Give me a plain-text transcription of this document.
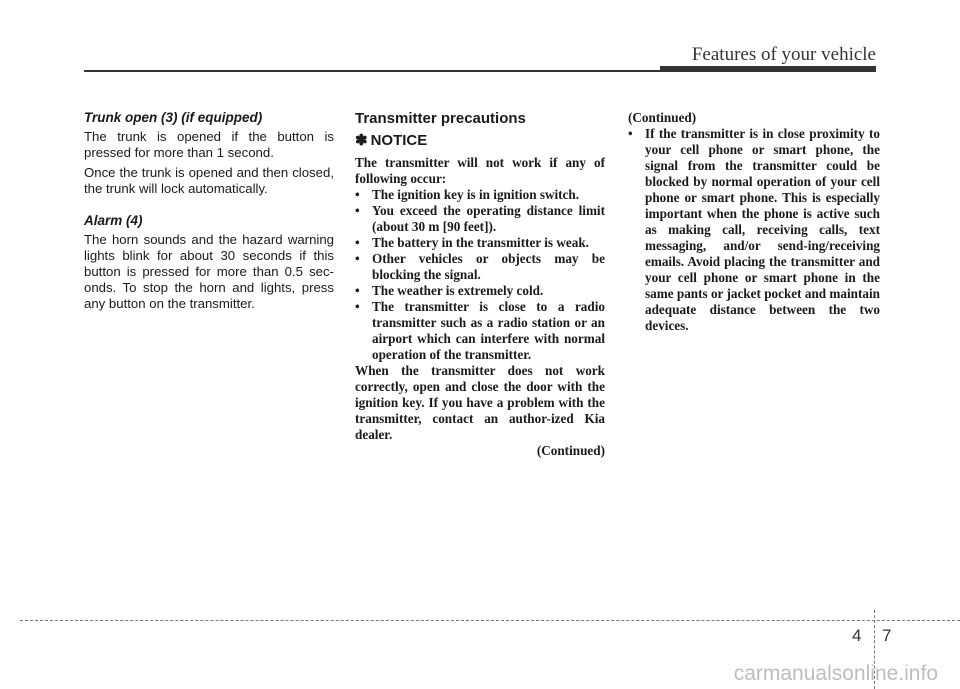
Features of your vehicle
Trunk open (3) (if equipped)

The trunk is opened if the button is pressed for more than 1 second.

Once the trunk is opened and then closed, the trunk will lock automatically.

Alarm (4)

The horn sounds and the hazard warning lights blink for about 30 seconds if this button is pressed for more than 0.5 sec-onds. To stop the horn and lights, press any button on the transmitter.

Transmitter precautions
✽ NOTICE

The transmitter will not work if any of following occur:

• The ignition key is in ignition switch.
• You exceed the operating distance limit (about 30 m [90 feet]).
• The battery in the transmitter is weak.
• Other vehicles or objects may be blocking the signal.
• The weather is extremely cold.
• The transmitter is close to a radio transmitter such as a radio station or an airport which can interfere with normal operation of the transmitter.

When the transmitter does not work correctly, open and close the door with the ignition key. If you have a problem with the transmitter, contact an author-ized Kia dealer.

(Continued)

(Continued)

• If the transmitter is in close proximity to your cell phone or smart phone, the signal from the transmitter could be blocked by normal operation of your cell phone or smart phone. This is especially important when the phone is active such as making call, receiving calls, text messaging, and/or send-ing/receiving emails. Avoid placing the transmitter and your cell phone or smart phone in the same pants or jacket pocket and maintain adequate distance between the two devices.
4 7
carmanualsonline.info
